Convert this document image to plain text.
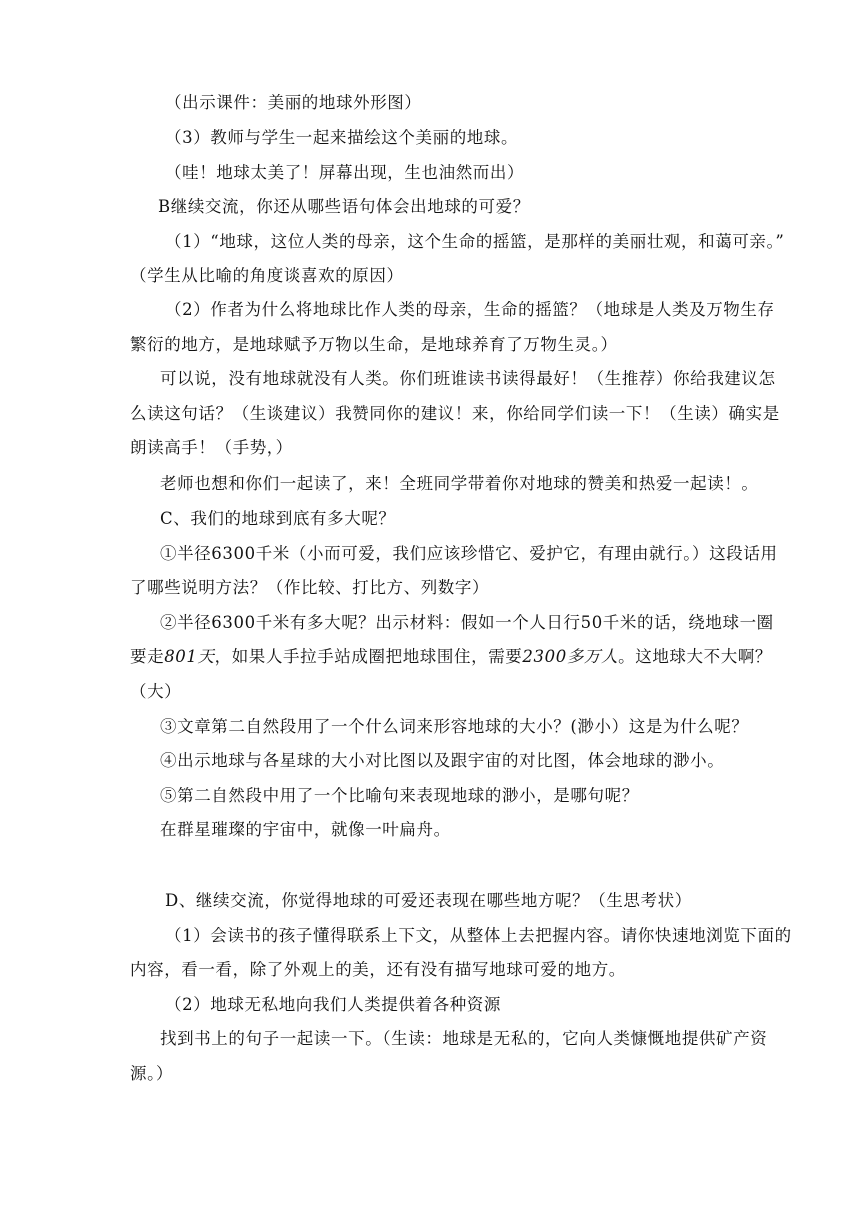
（出示课件：美丽的地球外形图）
（3）教师与学生一起来描绘这个美丽的地球。
（哇！地球太美了！屏幕出现，生也油然而出）
B继续交流，你还从哪些语句体会出地球的可爱？
（1）“地球，这位人类的母亲，这个生命的摇篮，是那样的美丽壮观，和蔼可亲。”
（学生从比喻的角度谈喜欢的原因）
（2）作者为什么将地球比作人类的母亲，生命的摇篮？（地球是人类及万物生存
繁衍的地方，是地球赋予万物以生命，是地球养育了万物生灵。）
可以说，没有地球就没有人类。你们班谁读书读得最好！（生推荐）你给我建议怎
么读这句话？（生谈建议）我赞同你的建议！来，你给同学们读一下！（生读）确实是
朗读高手！（手势，）
老师也想和你们一起读了，来！全班同学带着你对地球的赞美和热爱一起读！。
C、我们的地球到底有多大呢？
①半径6300千米（小而可爱，我们应该珍惜它、爱护它，有理由就行。）这段话用
了哪些说明方法？（作比较、打比方、列数字）
②半径6300千米有多大呢？出示材料：假如一个人日行50千米的话，绕地球一圈
要走801天，如果人手拉手站成圈把地球围住，需要2300多万人。这地球大不大啊？
（大）
③文章第二自然段用了一个什么词来形容地球的大小？(渺小）这是为什么呢？
④出示地球与各星球的大小对比图以及跟宇宙的对比图，体会地球的渺小。
⑤第二自然段中用了一个比喻句来表现地球的渺小，是哪句呢？
在群星璀璨的宇宙中，就像一叶扁舟。
D、继续交流，你觉得地球的可爱还表现在哪些地方呢？（生思考状）
（1）会读书的孩子懂得联系上下文，从整体上去把握内容。请你快速地浏览下面的
内容，看一看，除了外观上的美，还有没有描写地球可爱的地方。
（2）地球无私地向我们人类提供着各种资源
找到书上的句子一起读一下。（生读：地球是无私的，它向人类慷慨地提供矿产资
源。）
